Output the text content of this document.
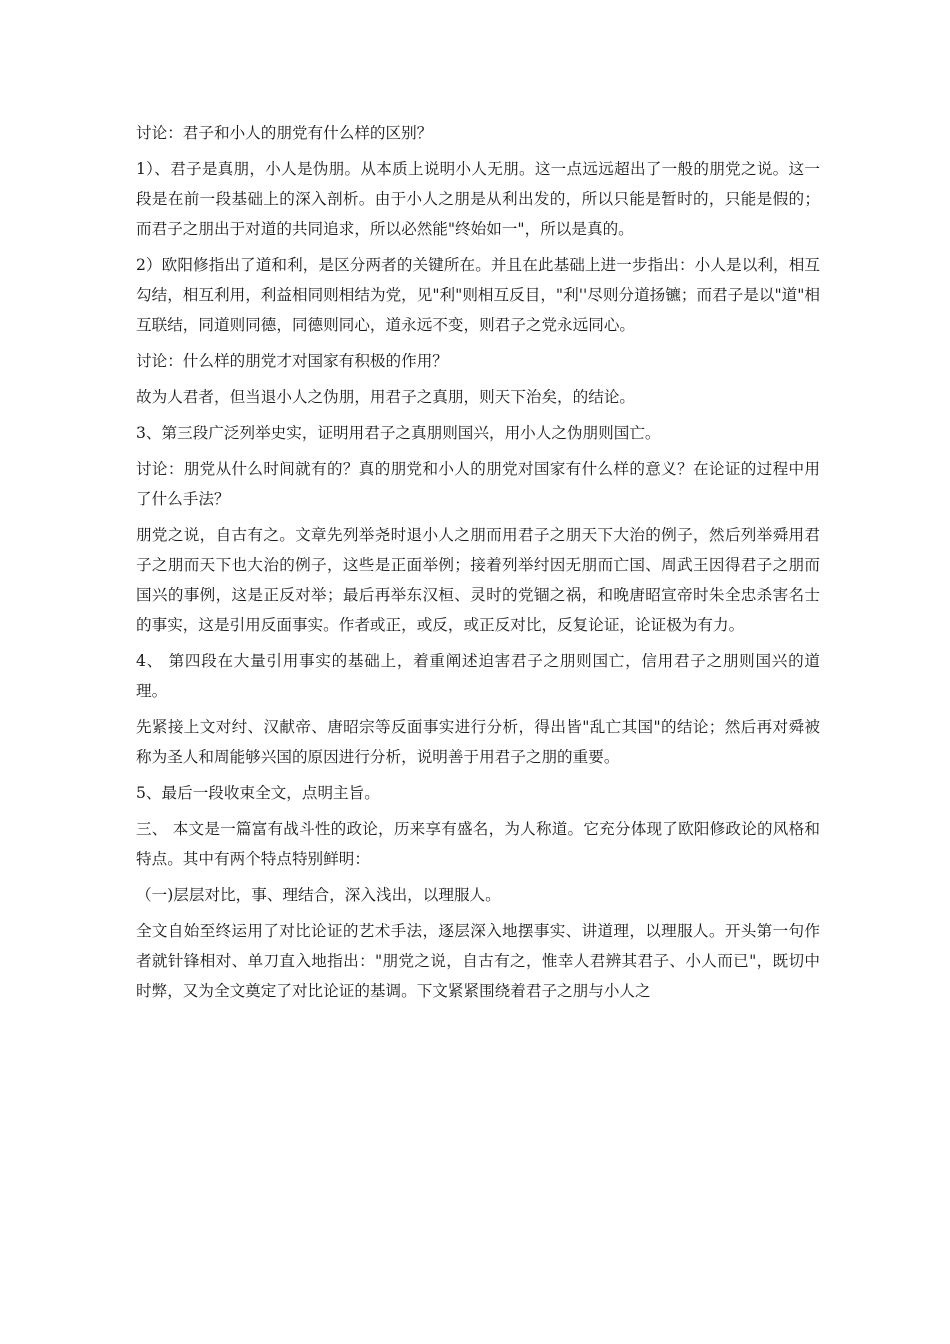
讨论：君子和小人的朋党有什么样的区别？

1）、君子是真朋，小人是伪朋。从本质上说明小人无朋。这一点远远超出了一般的朋党之说。这一段是在前一段基础上的深入剖析。由于小人之朋是从利出发的，所以只能是暂时的，只能是假的；而君子之朋出于对道的共同追求，所以必然能"终始如一"，所以是真的。

2）欧阳修指出了道和利，是区分两者的关键所在。并且在此基础上进一步指出：小人是以利，相互勾结，相互利用，利益相同则相结为党，见"利"则相互反目，"利''尽则分道扬镳；而君子是以"道"相互联结，同道则同德，同德则同心，道永远不变，则君子之党永远同心。

讨论：什么样的朋党才对国家有积极的作用？

故为人君者，但当退小人之伪朋，用君子之真朋，则天下治矣，的结论。

3、第三段广泛列举史实，证明用君子之真朋则国兴，用小人之伪朋则国亡。

讨论：朋党从什么时间就有的？真的朋党和小人的朋党对国家有什么样的意义？在论证的过程中用了什么手法？

朋党之说，自古有之。文章先列举尧时退小人之朋而用君子之朋天下大治的例子，然后列举舜用君子之朋而天下也大治的例子，这些是正面举例；接着列举纣因无朋而亡国、周武王因得君子之朋而国兴的事例，这是正反对举；最后再举东汉桓、灵时的党锢之祸，和晚唐昭宣帝时朱全忠杀害名士的事实，这是引用反面事实。作者或正，或反，或正反对比，反复论证，论证极为有力。

4、 第四段在大量引用事实的基础上，着重阐述迫害君子之朋则国亡，信用君子之朋则国兴的道理。

先紧接上文对纣、汉献帝、唐昭宗等反面事实进行分析，得出皆"乱亡其国"的结论；然后再对舜被称为圣人和周能够兴国的原因进行分析，说明善于用君子之朋的重要。

5、最后一段收束全文，点明主旨。

三、 本文是一篇富有战斗性的政论，历来享有盛名，为人称道。它充分体现了欧阳修政论的风格和特点。其中有两个特点特别鲜明：

（一)层层对比，事、理结合，深入浅出，以理服人。

全文自始至终运用了对比论证的艺术手法，逐层深入地摆事实、讲道理，以理服人。开头第一句作者就针锋相对、单刀直入地指出："朋党之说，自古有之，惟幸人君辨其君子、小人而已"，既切中时弊，又为全文奠定了对比论证的基调。下文紧紧围绕着君子之朋与小人之
